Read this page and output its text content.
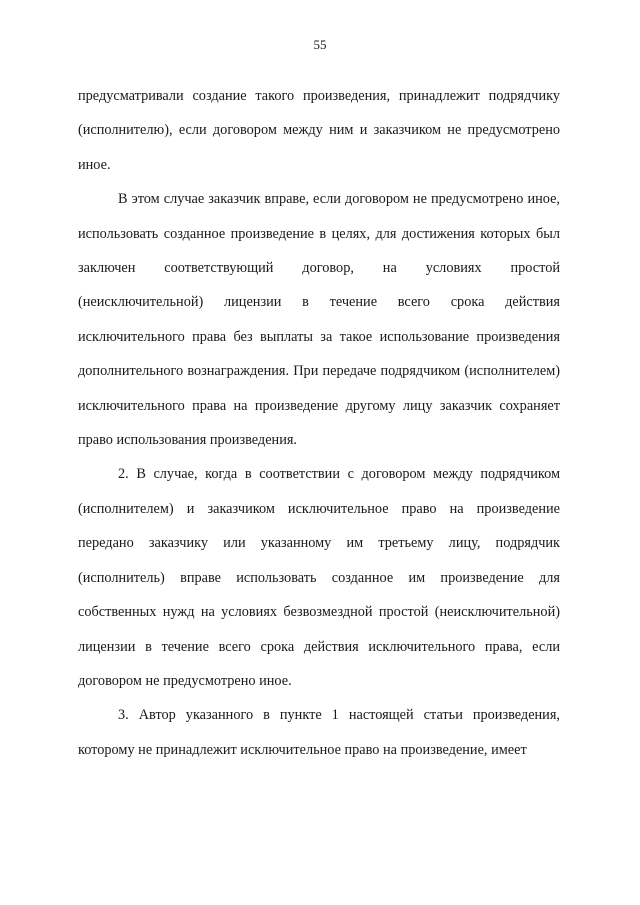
55

предусматривали создание такого произведения, принадлежит подрядчику (исполнителю), если договором между ним и заказчиком не предусмотрено иное.

В этом случае заказчик вправе, если договором не предусмотрено иное, использовать созданное произведение в целях, для достижения которых был заключен соответствующий договор, на условиях простой (неисключительной) лицензии в течение всего срока действия исключительного права без выплаты за такое использование произведения дополнительного вознаграждения. При передаче подрядчиком (исполнителем) исключительного права на произведение другому лицу заказчик сохраняет право использования произведения.

2. В случае, когда в соответствии с договором между подрядчиком (исполнителем) и заказчиком исключительное право на произведение передано заказчику или указанному им третьему лицу, подрядчик (исполнитель) вправе использовать созданное им произведение для собственных нужд на условиях безвозмездной простой (неисключительной) лицензии в течение всего срока действия исключительного права, если договором не предусмотрено иное.

3. Автор указанного в пункте 1 настоящей статьи произведения, которому не принадлежит исключительное право на произведение, имеет
